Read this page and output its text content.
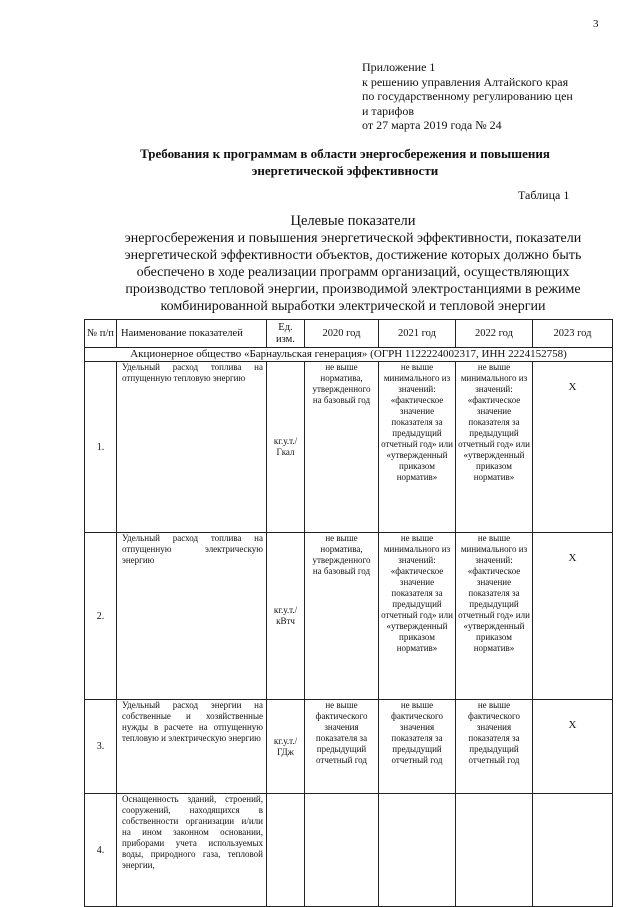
3
Приложение 1
к решению управления Алтайского края
по государственному регулированию цен
и тарифов
от 27 марта 2019 года № 24
Требования к программам в области энергосбережения и повышения
энергетической эффективности
Таблица 1
Целевые показатели
энергосбережения и повышения энергетической эффективности, показатели энергетической эффективности объектов, достижение которых должно быть обеспечено в ходе реализации программ организаций, осуществляющих производство тепловой энергии, производимой электростанциями в режиме комбинированной выработки электрической и тепловой энергии
№ п/п	Наименование показателей	Ед. изм.	2020 год	2021 год	2022 год	2023 год
Акционерное общество «Барнаульская генерация» (ОГРН 1122224002317, ИНН 2224152758)						
1.	Удельный расход топлива на отпущенную тепловую энергию	кг.у.т./ Гкал	не выше норматива, утвержденного на базовый год	не выше минимального из значений: «фактическое значение показателя за предыдущий отчетный год» или «утвержденный приказом норматив»	не выше минимального из значений: «фактическое значение показателя за предыдущий отчетный год» или «утвержденный приказом норматив»	Х
2.	Удельный расход топлива на отпущенную электрическую энергию	кг.у.т./ кВтч	не выше норматива, утвержденного на базовый год	не выше минимального из значений: «фактическое значение показателя за предыдущий отчетный год» или «утвержденный приказом норматив»	не выше минимального из значений: «фактическое значение показателя за предыдущий отчетный год» или «утвержденный приказом норматив»	Х
3.	Удельный расход энергии на собственные и хозяйственные нужды в расчете на отпущенную тепловую и электрическую энергию	кг.у.т./ ГДж	не выше фактического значения показателя за предыдущий отчетный год	не выше фактического значения показателя за предыдущий отчетный год	не выше фактического значения показателя за предыдущий отчетный год	Х
4.	Оснащенность зданий, строений, сооружений, находящихся в собственности организации и/или на ином законном основании, приборами учета используемых воды, природного газа, тепловой энергии,					
